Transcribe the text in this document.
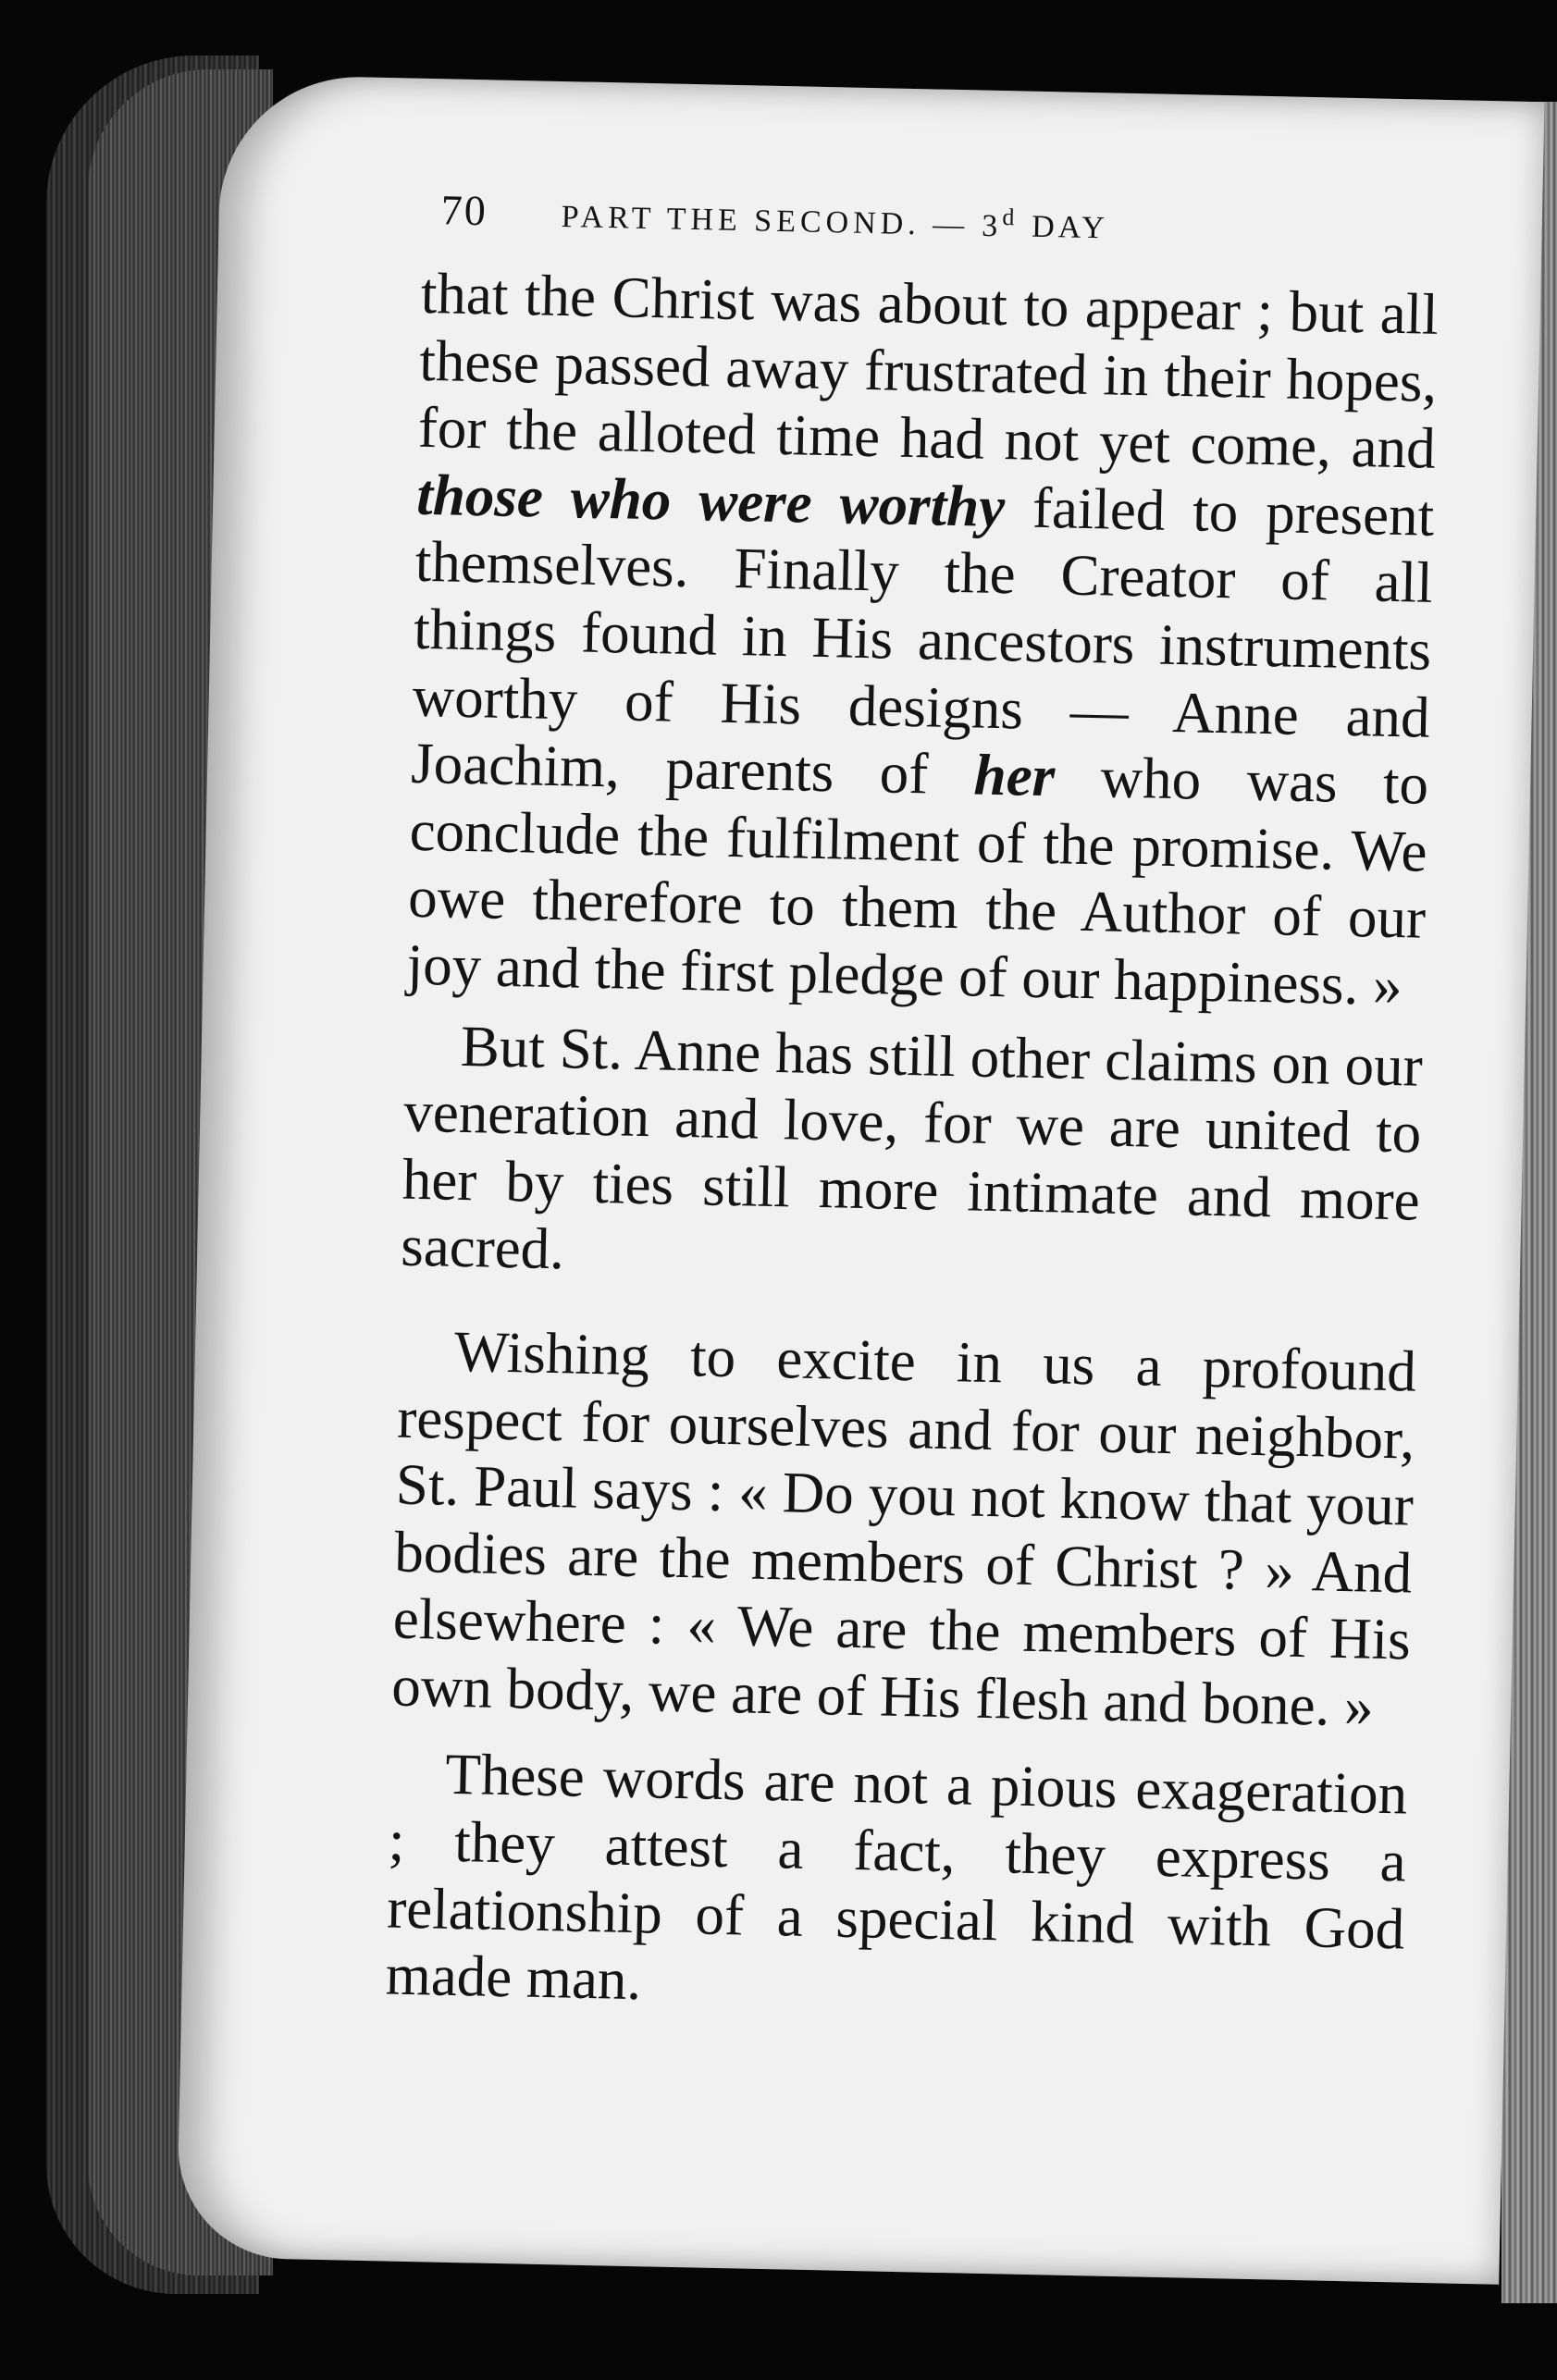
70 PART THE SECOND. — 3$^d$ DAY

that the Christ was about to appear ; but all these passed away frustrated in their hopes, for the alloted time had not yet come, and those who were worthy failed to present themselves. Finally the Creator of all things found in His ancestors instruments worthy of His designs — Anne and Joachim, parents of her who was to conclude the fulfilment of the promise. We owe therefore to them the Author of our joy and the first pledge of our happiness. »

But St. Anne has still other claims on our veneration and love, for we are united to her by ties still more intimate and more sacred.

Wishing to excite in us a profound respect for ourselves and for our neighbor, St. Paul says : « Do you not know that your bodies are the members of Christ ? » And elsewhere : « We are the members of His own body, we are of His flesh and bone. »

These words are not a pious exageration ; they attest a fact, they express a relationship of a special kind with God made man.
